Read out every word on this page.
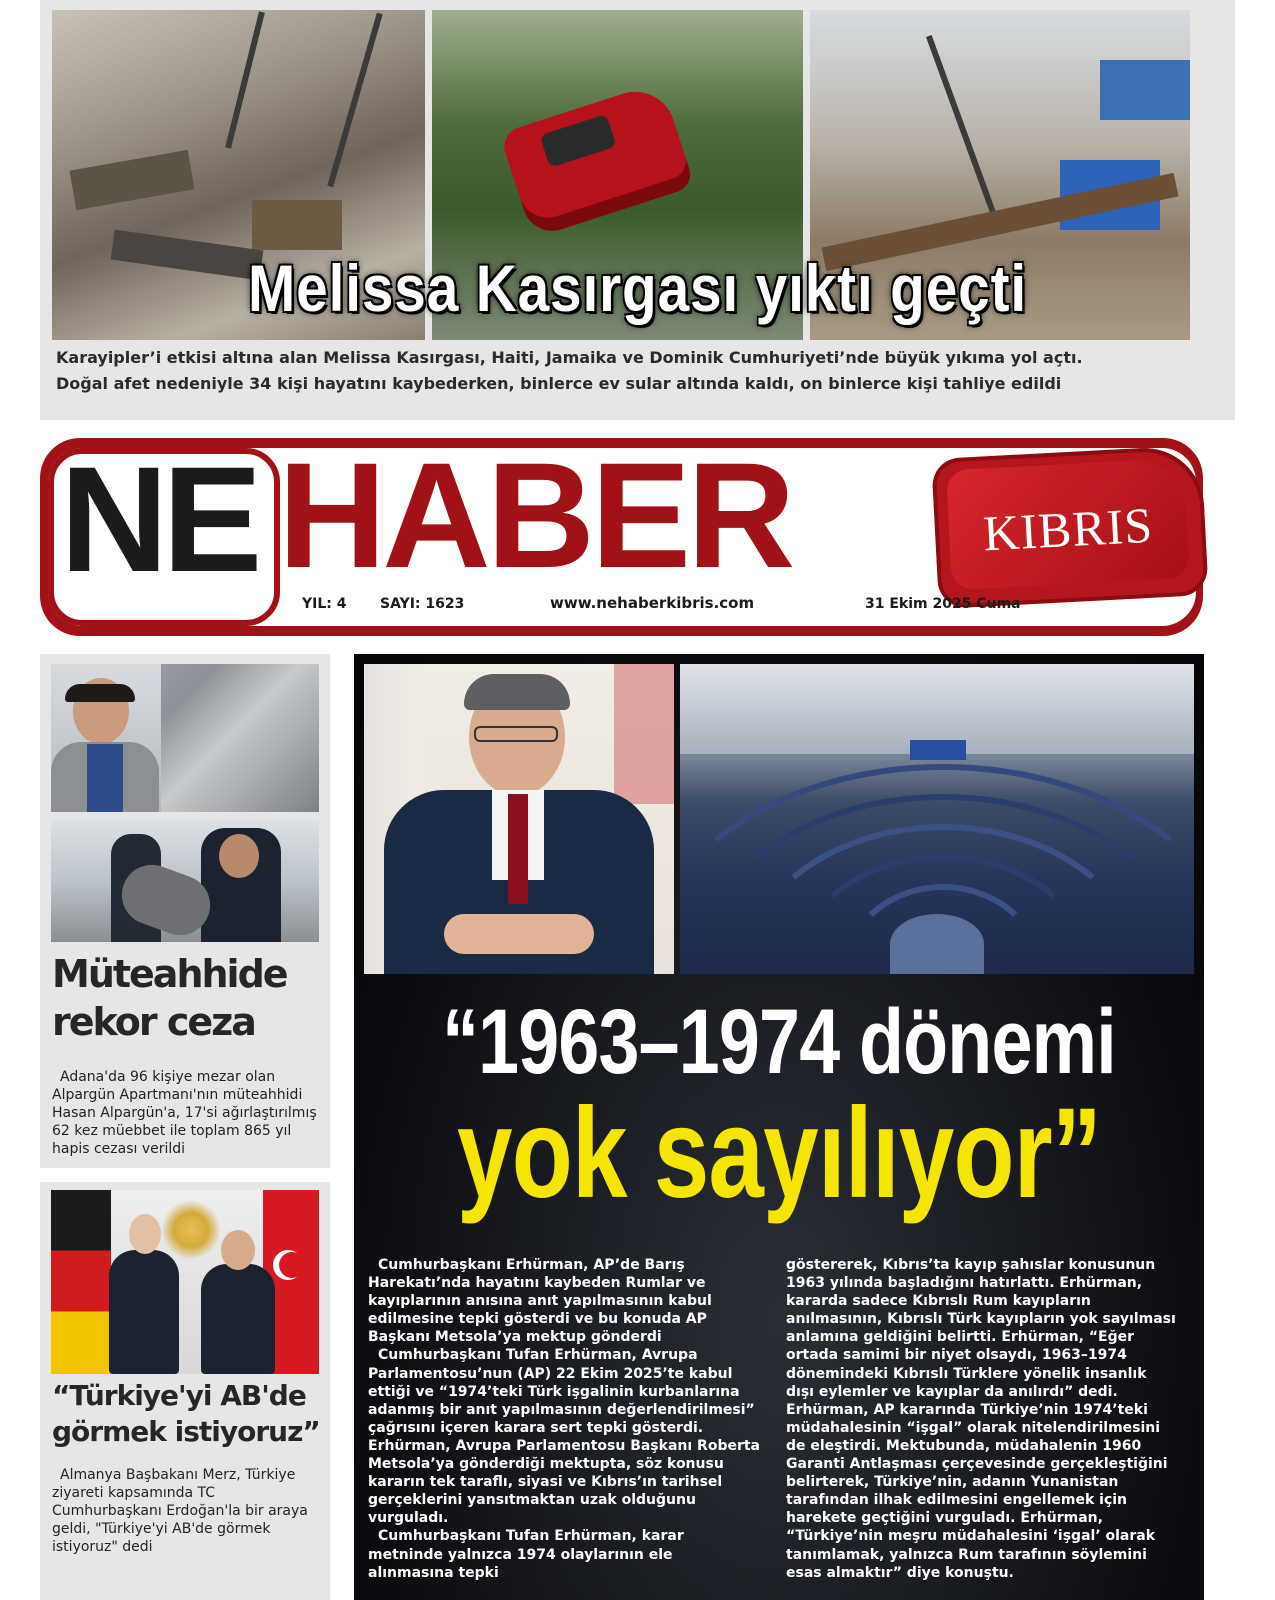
Melissa Kasırgası yıktı geçti
Karayipler’i etkisi altına alan Melissa Kasırgası, Haiti, Jamaika ve Dominik Cumhuriyeti’nde büyük yıkıma yol açtı.
Doğal afet nedeniyle 34 kişi hayatını kaybederken, binlerce ev sular altında kaldı, on binlerce kişi tahliye edildi
NE HABER	KIBRIS
YIL: 4 SAYI: 1623	www.nehaberkibris.com	31 Ekim 2025 Cuma
Müteahhide rekor ceza
Adana'da 96 kişiye mezar olan Alpargün Apartmanı'nın müteahhidi Hasan Alpargün'a, 17'si ağırlaştırılmış 62 kez müebbet ile toplam 865 yıl hapis cezası verildi
“Türkiye'yi AB'de görmek istiyoruz”
Almanya Başbakanı Merz, Türkiye ziyareti kapsamında TC Cumhurbaşkanı Erdoğan'la bir araya geldi, "Türkiye'yi AB'de görmek istiyoruz" dedi
“1963–1974 dönemi
yok sayılıyor”

Cumhurbaşkanı Erhürman, AP’de Barış Harekatı’nda hayatını kaybeden Rumlar ve kayıplarının anısına anıt yapılmasının kabul edilmesine tepki gösterdi ve bu konuda AP Başkanı Metsola’ya mektup gönderdi

Cumhurbaşkanı Tufan Erhürman, Avrupa Parlamentosu’nun (AP) 22 Ekim 2025’te kabul ettiği ve “1974’teki Türk işgalinin kurbanlarına adanmış bir anıt yapılmasının değerlendirilmesi” çağrısını içeren karara sert tepki gösterdi. Erhürman, Avrupa Parlamentosu Başkanı Roberta Metsola’ya gönderdiği mektupta, söz konusu kararın tek taraflı, siyasi ve Kıbrıs’ın tarihsel gerçeklerini yansıtmaktan uzak olduğunu vurguladı.

Cumhurbaşkanı Tufan Erhürman, karar metninde yalnızca 1974 olaylarının ele alınmasına tepki

göstererek, Kıbrıs’ta kayıp şahıslar konusunun 1963 yılında başladığını hatırlattı. Erhürman, kararda sadece Kıbrıslı Rum kayıpların anılmasının, Kıbrıslı Türk kayıpların yok sayılması anlamına geldiğini belirtti. Erhürman, “Eğer ortada samimi bir niyet olsaydı, 1963–1974 dönemindeki Kıbrıslı Türklere yönelik insanlık dışı eylemler ve kayıplar da anılırdı” dedi. Erhürman, AP kararında Türkiye’nin 1974’teki müdahalesinin “işgal” olarak nitelendirilmesini de eleştirdi. Mektubunda, müdahalenin 1960 Garanti Antlaşması çerçevesinde gerçekleştiğini belirterek, Türkiye’nin, adanın Yunanistan tarafından ilhak edilmesini engellemek için harekete geçtiğini vurguladı. Erhürman, “Türkiye’nin meşru müdahalesini ‘işgal’ olarak tanımlamak, yalnızca Rum tarafının söylemini esas almaktır” diye konuştu.
